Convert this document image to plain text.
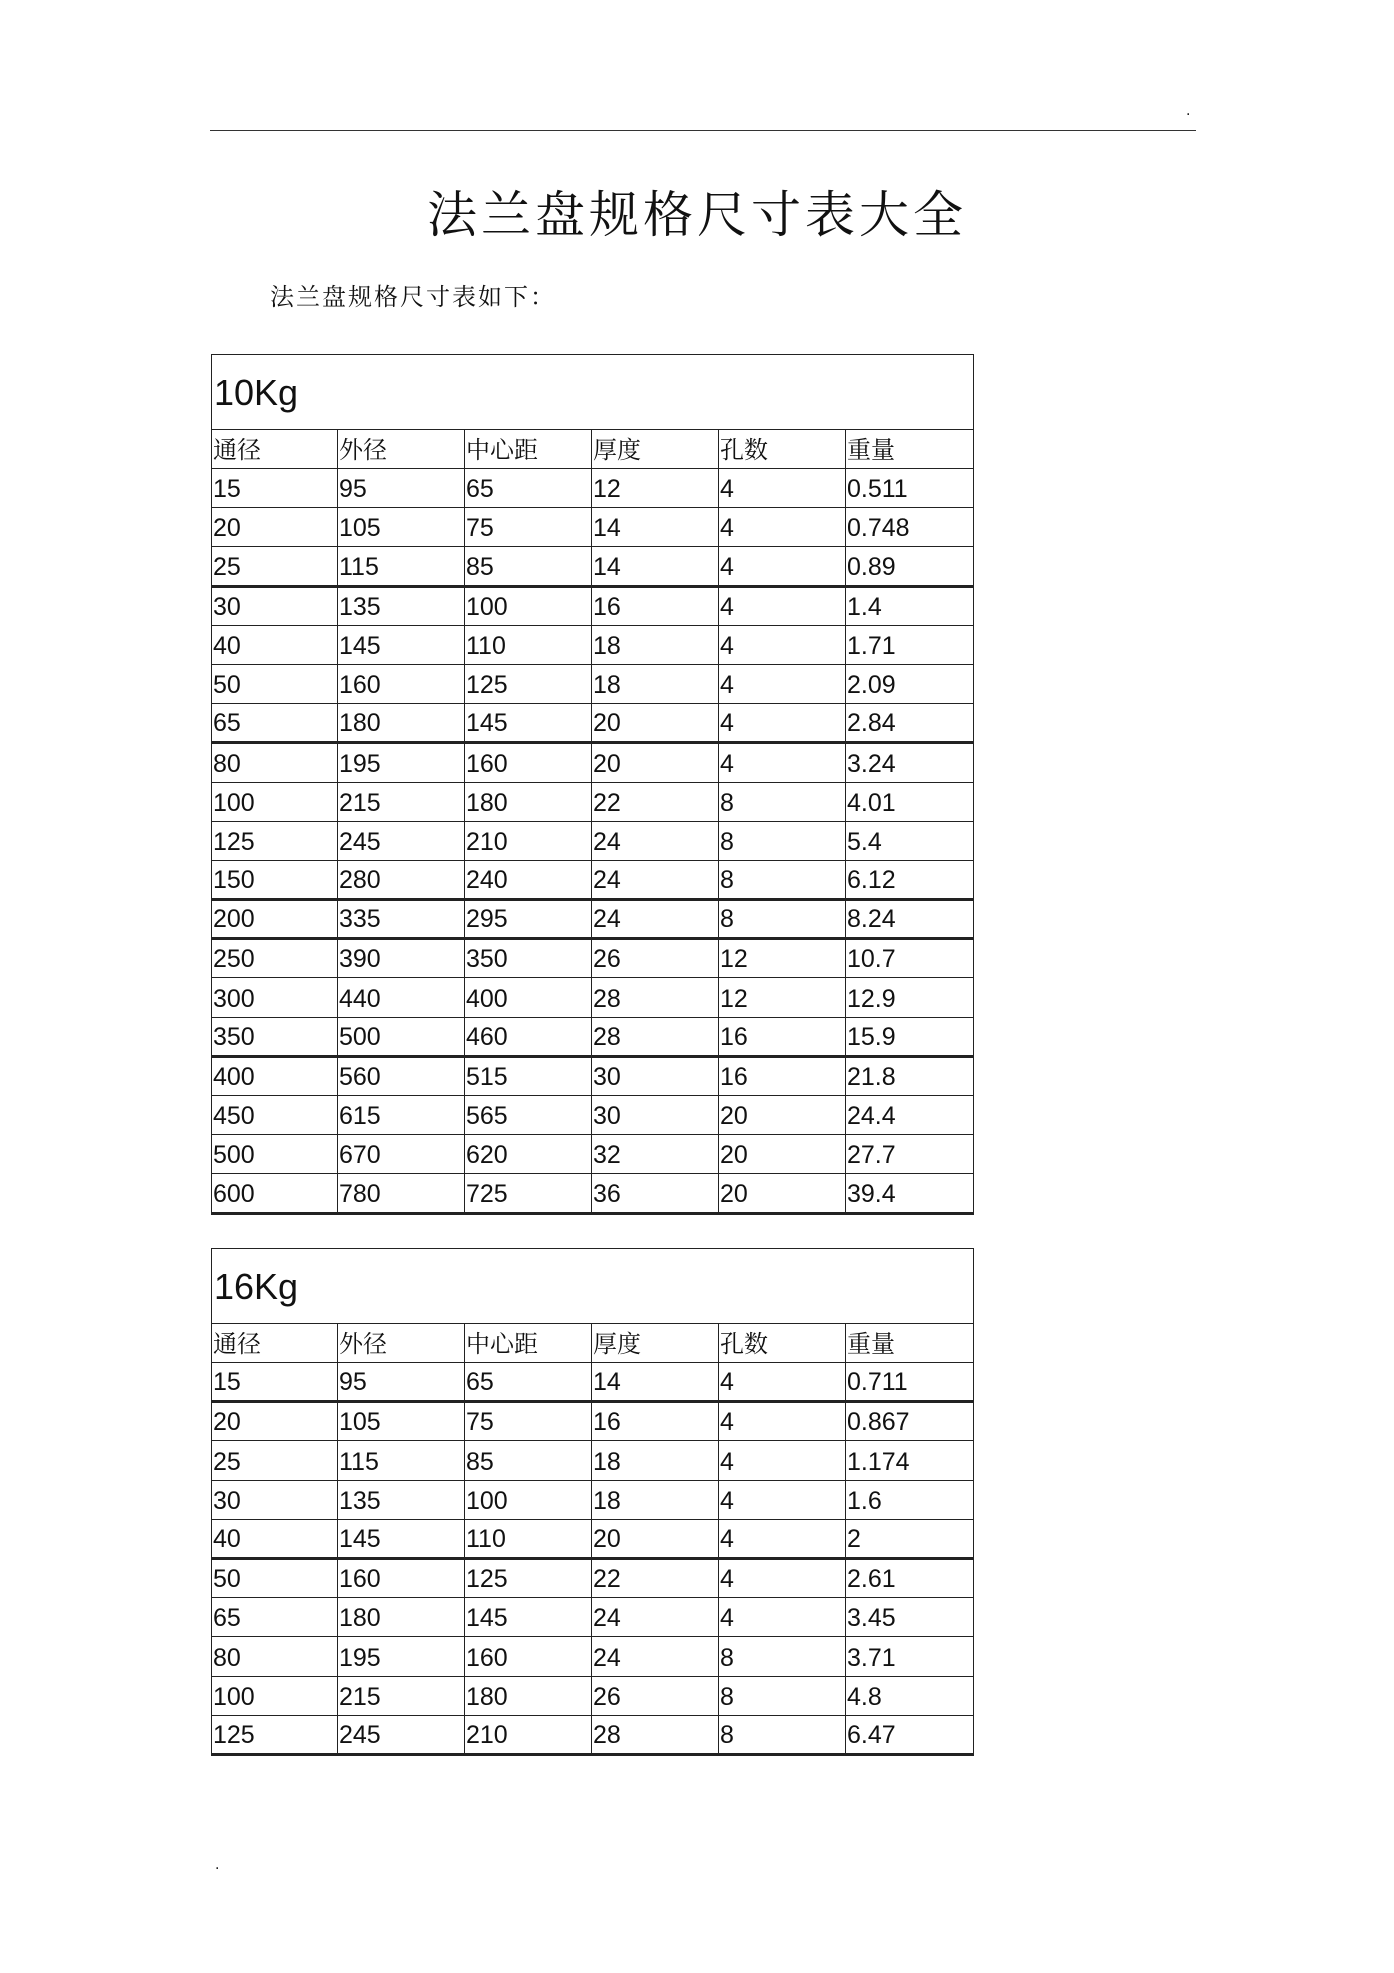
.
法兰盘规格尺寸表大全

法兰盘规格尺寸表如下：

10Kg					
通径	外径	中心距	厚度	孔数	重量
15	95	65	12	4	0.511
20	105	75	14	4	0.748
25	115	85	14	4	0.89
30	135	100	16	4	1.4
40	145	110	18	4	1.71
50	160	125	18	4	2.09
65	180	145	20	4	2.84
80	195	160	20	4	3.24
100	215	180	22	8	4.01
125	245	210	24	8	5.4
150	280	240	24	8	6.12
200	335	295	24	8	8.24
250	390	350	26	12	10.7
300	440	400	28	12	12.9
350	500	460	28	16	15.9
400	560	515	30	16	21.8
450	615	565	30	20	24.4
500	670	620	32	20	27.7
600	780	725	36	20	39.4
16Kg					
通径	外径	中心距	厚度	孔数	重量
15	95	65	14	4	0.711
20	105	75	16	4	0.867
25	115	85	18	4	1.174
30	135	100	18	4	1.6
40	145	110	20	4	2
50	160	125	22	4	2.61
65	180	145	24	4	3.45
80	195	160	24	8	3.71
100	215	180	26	8	4.8
125	245	210	28	8	6.47
.
